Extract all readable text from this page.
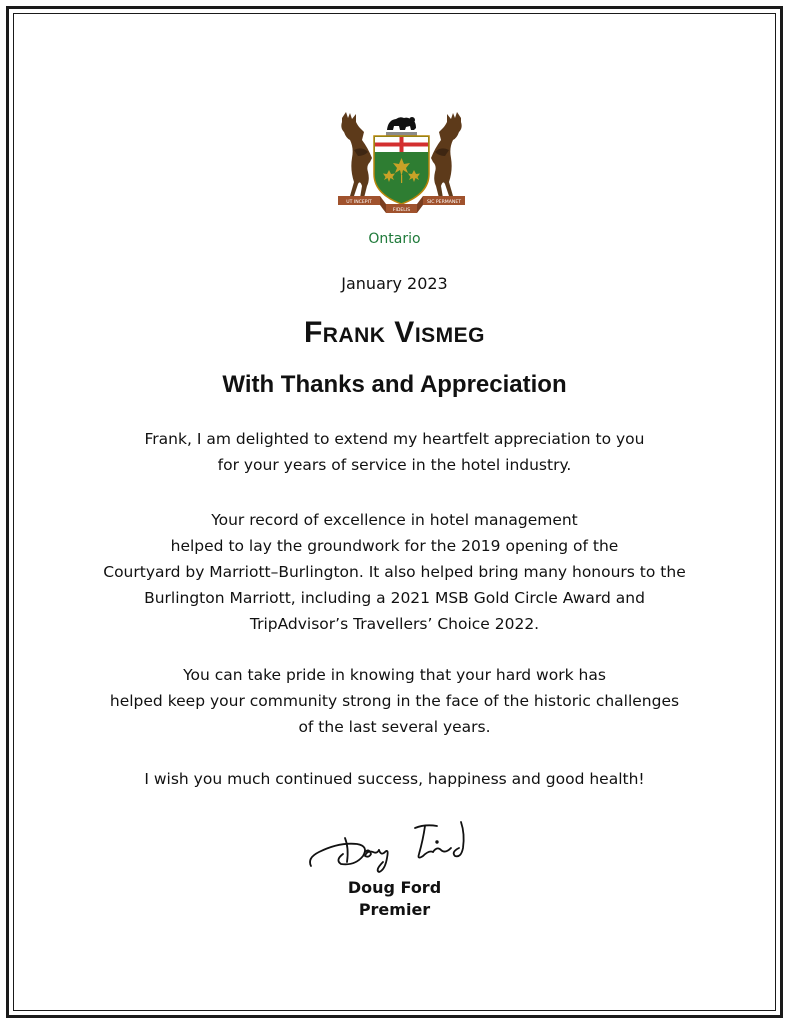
UT INCEPIT
FIDELIS
SIC PERMANET
Ontario
January 2023
Frank Vismeg
With Thanks and Appreciation

Frank, I am delighted to extend my heartfelt appreciation to you
for your years of service in the hotel industry.

Your record of excellence in hotel management
helped to lay the groundwork for the 2019 opening of the
Courtyard by Marriott–Burlington. It also helped bring many honours to the
Burlington Marriott, including a 2021 MSB Gold Circle Award and
TripAdvisor’s Travellers’ Choice 2022.

You can take pride in knowing that your hard work has
helped keep your community strong in the face of the historic challenges
of the last several years.

I wish you much continued success, happiness and good health!

Doug Ford
Premier
